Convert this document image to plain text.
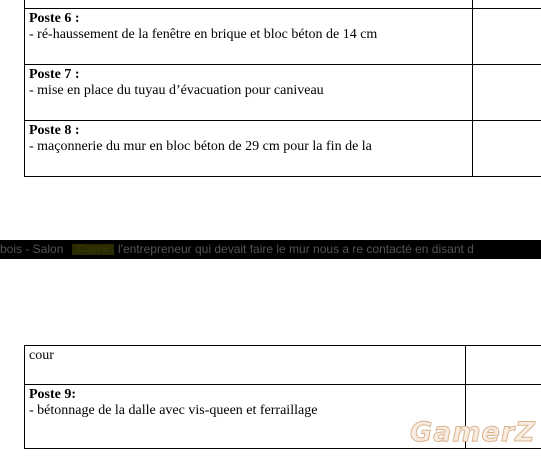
Poste 6 :
- ré-haussement de la fenêtre en brique et bloc béton de 14 cm	

Poste 7 :
- mise en place du tuyau d’évacuation pour caniveau	

Poste 8 :
- maçonnerie du mur en bloc béton de 29 cm pour la fin de la	

bois - Salon	Cuisine l'entrepreneur qui devait faire le mur nous a re contacté en disant d
cour	

Poste 9:
- bétonnage de la dalle avec vis-queen et ferraillage	

GamerZ
